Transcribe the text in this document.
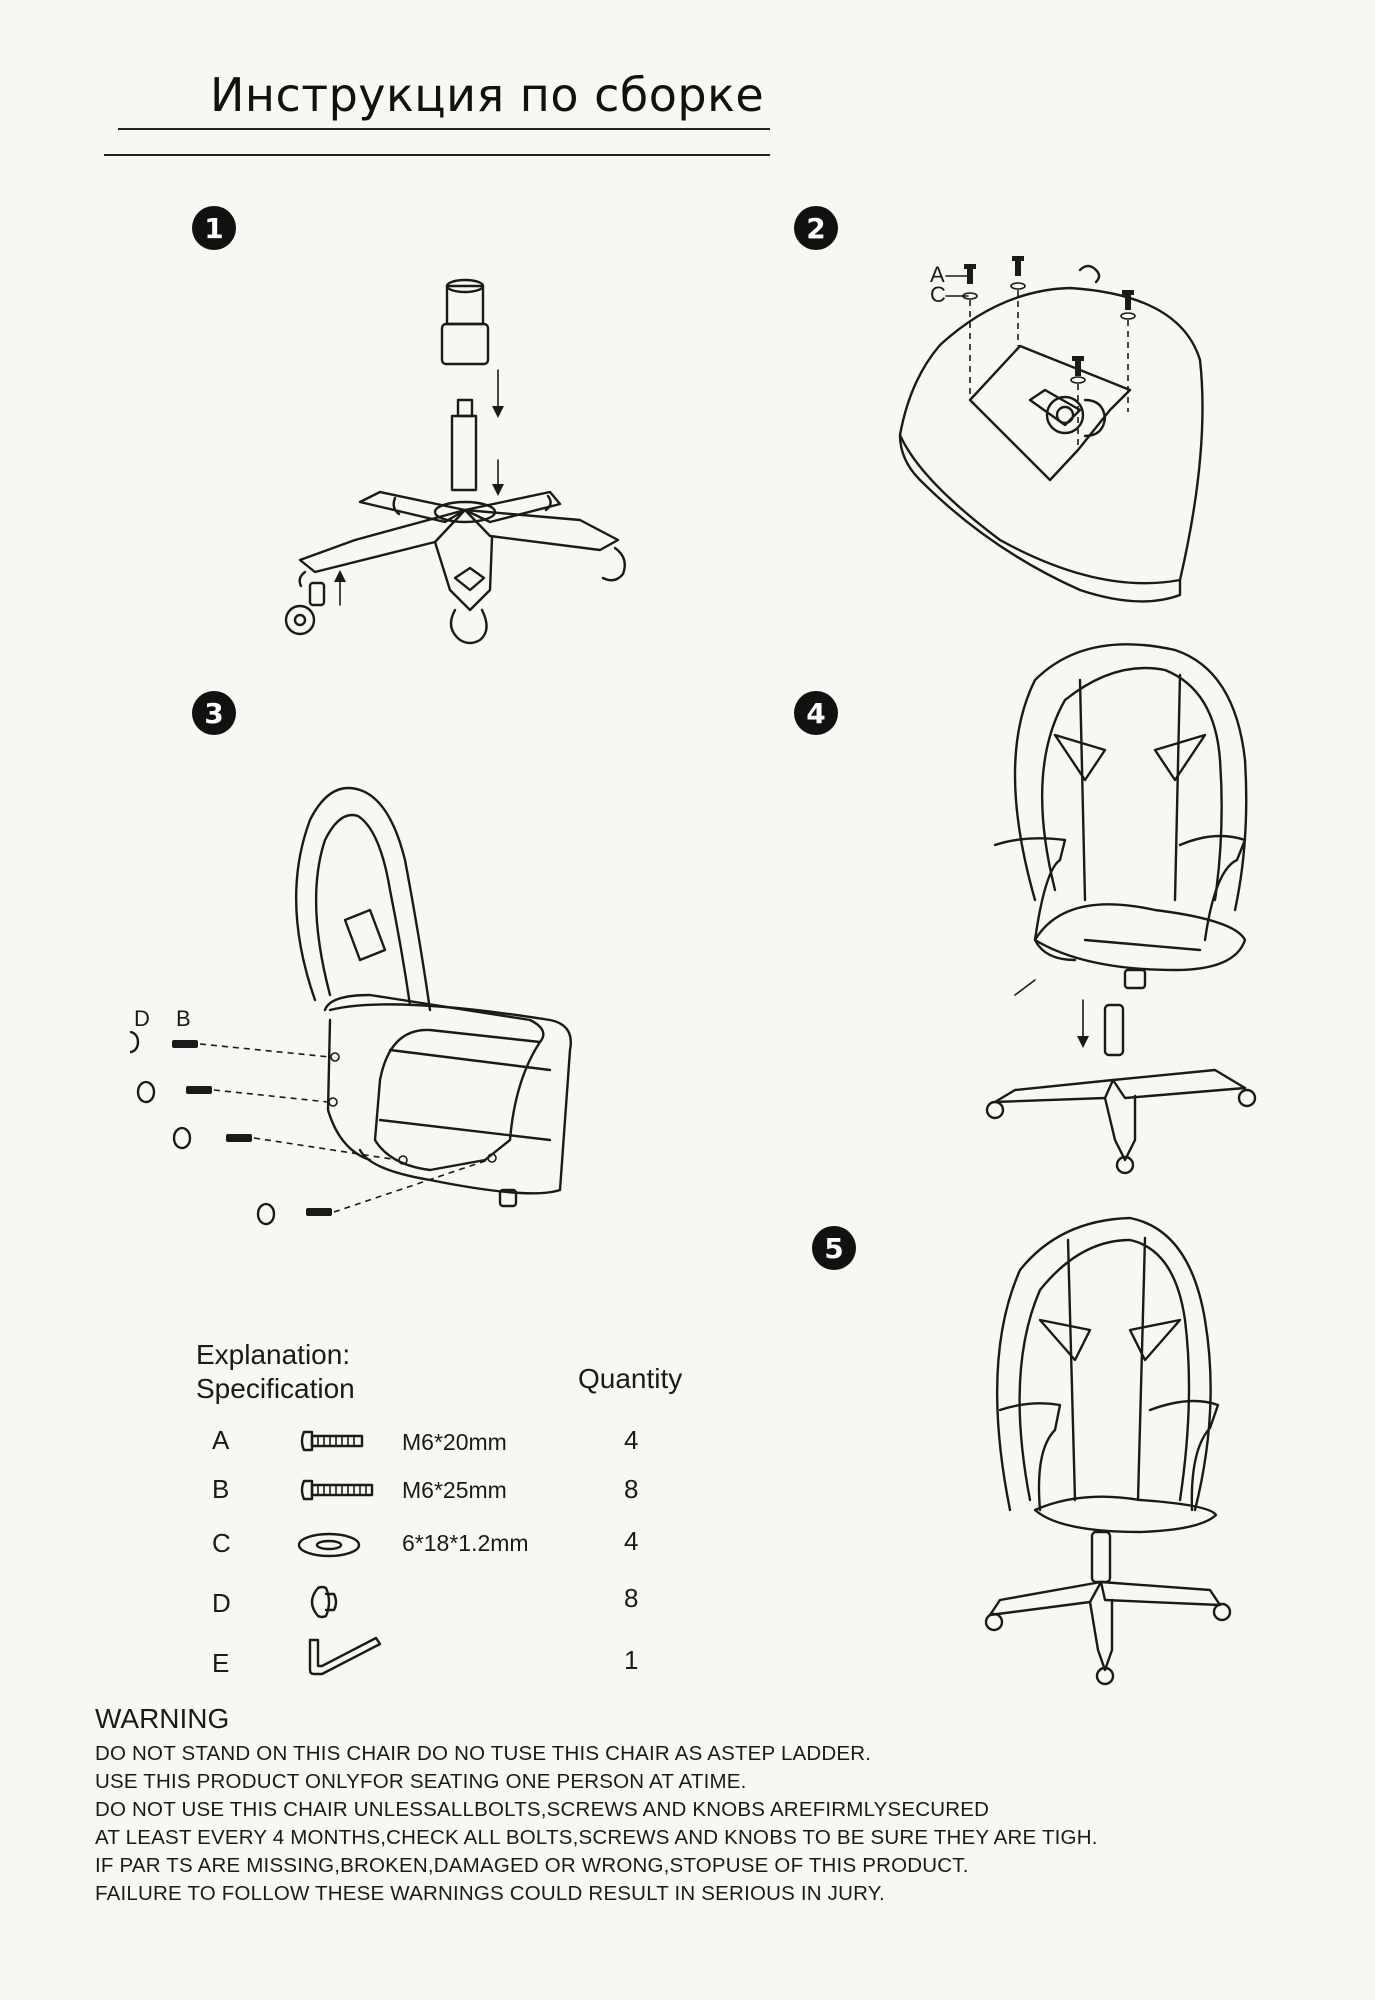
Инструкция по сборке
1	2
3	4
5
A
C
D B
Explanation:
Specification	Quantity
A	M6*20mm	4
B	M6*25mm	8
C	6*18*1.2mm	4
D	8
E	1
WARNING
DO NOT STAND ON THIS CHAIR DO NO TUSE THIS CHAIR AS ASTEP LADDER.
USE THIS PRODUCT ONLYFOR SEATING ONE PERSON AT ATIME.
DO NOT USE THIS CHAIR UNLESSALLBOLTS,SCREWS AND KNOBS AREFIRMLYSECURED
AT LEAST EVERY 4 MONTHS,CHECK ALL BOLTS,SCREWS AND KNOBS TO BE SURE THEY ARE TIGH.
IF PAR TS ARE MISSING,BROKEN,DAMAGED OR WRONG,STOPUSE OF THIS PRODUCT.
FAILURE TO FOLLOW THESE WARNINGS COULD RESULT IN SERIOUS IN JURY.
